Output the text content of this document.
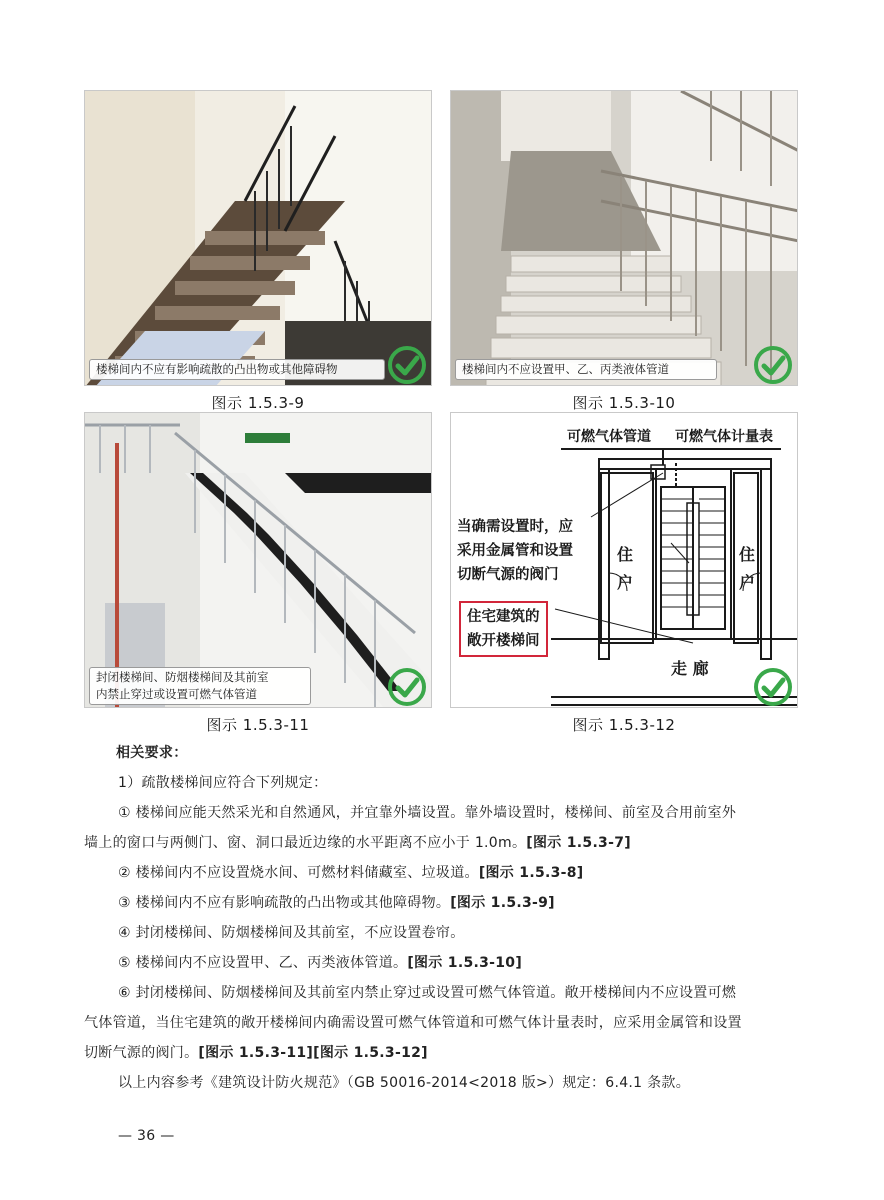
楼梯间内不应有影响疏散的凸出物或其他障碍物
图示 1.5.3-9
楼梯间内不应设置甲、乙、丙类液体管道
图示 1.5.3-10
封闭楼梯间、防烟楼梯间及其前室
内禁止穿过或设置可燃气体管道
图示 1.5.3-11
可燃气体管道 可燃气体计量表
当确需设置时，应
采用金属管和设置
切断气源的阀门
住宅建筑的
敞开楼梯间
住
户
住
户
走 廊
图示 1.5.3-12
相关要求：
1）疏散楼梯间应符合下列规定：
① 楼梯间应能天然采光和自然通风，并宜靠外墙设置。靠外墙设置时，楼梯间、前室及合用前室外
墙上的窗口与两侧门、窗、洞口最近边缘的水平距离不应小于 1.0m。[图示 1.5.3-7]
② 楼梯间内不应设置烧水间、可燃材料储藏室、垃圾道。[图示 1.5.3-8]
③ 楼梯间内不应有影响疏散的凸出物或其他障碍物。[图示 1.5.3-9]
④ 封闭楼梯间、防烟楼梯间及其前室，不应设置卷帘。
⑤ 楼梯间内不应设置甲、乙、丙类液体管道。[图示 1.5.3-10]
⑥ 封闭楼梯间、防烟楼梯间及其前室内禁止穿过或设置可燃气体管道。敞开楼梯间内不应设置可燃
气体管道，当住宅建筑的敞开楼梯间内确需设置可燃气体管道和可燃气体计量表时，应采用金属管和设置
切断气源的阀门。[图示 1.5.3-11][图示 1.5.3-12]
以上内容参考《建筑设计防火规范》（GB 50016-2014<2018 版>）规定：6.4.1 条款。
— 36 —
